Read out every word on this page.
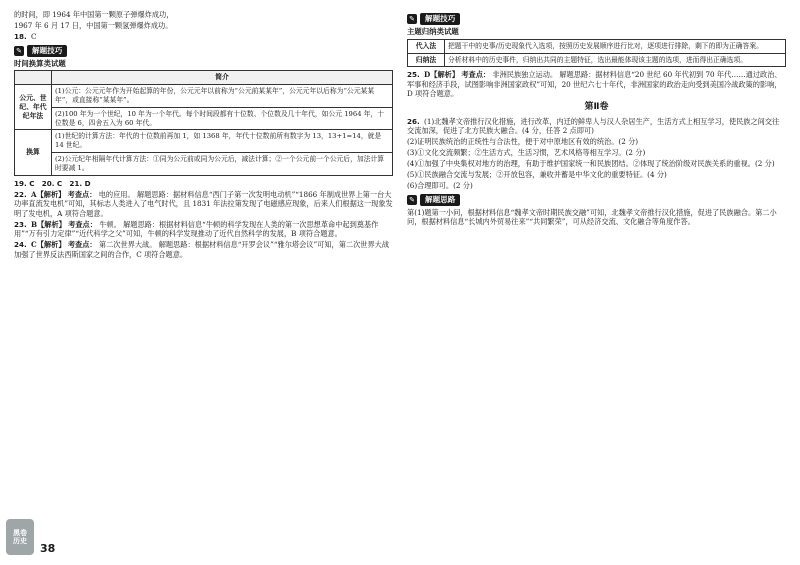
的时间，即 1964 年中国第一颗原子弹爆炸成功，

1967 年 6 月 17 日，中国第一颗氢弹爆炸成功。

18. C

✎	解题技巧
时间换算类试题
	简介
公元、世纪、年代纪年法	(1)公元：公元元年作为开始起算的年份，公元元年以前称为“公元前某某年”，公元元年以后称为“公元某某年”，或直接称“某某年”。
	(2)100 年为一个世纪，10 年为一个年代。每个时间段都有十位数、个位数及几十年代，如公元 1964 年，十位数是 6，四舍五入为 60 年代。
换算	(1)世纪的计算方法：年代的十位数前再加 1，如 1368 年，年代十位数前所有数字为 13，13+1=14，就是 14 世纪。
	(2)公元纪年相隔年代计算方法：①同为公元前或同为公元后，减法计算；②一个公元前一个公元后，加法计算时要减 1。

19. C　20. C　21. D

22. A【解析】 考查点： 电的应用。 解题思路：据材料信息“西门子第一次发明电动机”“1866 年制成世界上第一台大功率直流发电机”可知，其标志人类进入了电气时代，且 1831 年法拉第发现了电磁感应现象，后来人们根据这一现象发明了发电机，A 项符合题意。

23. B【解析】 考查点： 牛顿。 解题思路：根据材料信息“牛顿的科学发现在人类的第一次思想革命中起到奠基作用”“万有引力定律”“近代科学之父”可知，牛顿的科学发现推动了近代自然科学的发展，B 项符合题意。

24. C【解析】 考查点： 第二次世界大战。 解题思路：根据材料信息“开罗会议”“雅尔塔会议”可知，第二次世界大战加强了世界反法西斯国家之间的合作，C 项符合题意。

✎	解题技巧
主题归纳类试题
代入法	把题干中的史事/历史现象代入选项，按照历史发展顺序进行比对，逐项进行排除，剩下的即为正确答案。
归纳法	分析材料中的历史事件，归纳出共同的主题特征，选出最能体现该主题的选项，进而得出正确选项。

25. D【解析】 考查点： 非洲民族独立运动。 解题思路：据材料信息“20 世纪 60 年代初到 70 年代……通过政治、军事和经济手段，试图影响非洲国家政权”可知，20 世纪六七十年代，非洲国家的政治走向受到美国冷战政策的影响，D 项符合题意。

第Ⅱ卷

26. (1)北魏孝文帝推行汉化措施，进行改革，内迁的鲜卑人与汉人杂居生产，生活方式上相互学习，使民族之间交往交流加深，促进了北方民族大融合。(4 分，任答 2 点即可)

(2)证明民族统治的正统性与合法性，便于对中原地区有效的统治。(2 分)

(3)①文化交流频繁；②生活方式，生活习惯，艺术风格等相互学习。(2 分)

(4)①加强了中央集权对地方的治理，有助于维护国家统一和民族团结。②体现了统治阶级对民族关系的重视。(2 分)

(5)①民族融合交流与发展；②开放包容，兼收并蓄是中华文化的重要特征。(4 分)

(6)合理即可。(2 分)

✎	解题思路

第(1)题第一小问，根据材料信息“魏孝文帝时期民族交融”可知，北魏孝文帝推行汉化措施，促进了民族融合。第二小问，根据材料信息“长城内外贸易往来”“共同繁荣”，可从经济交流、文化融合等角度作答。

黑卷
历史
38
